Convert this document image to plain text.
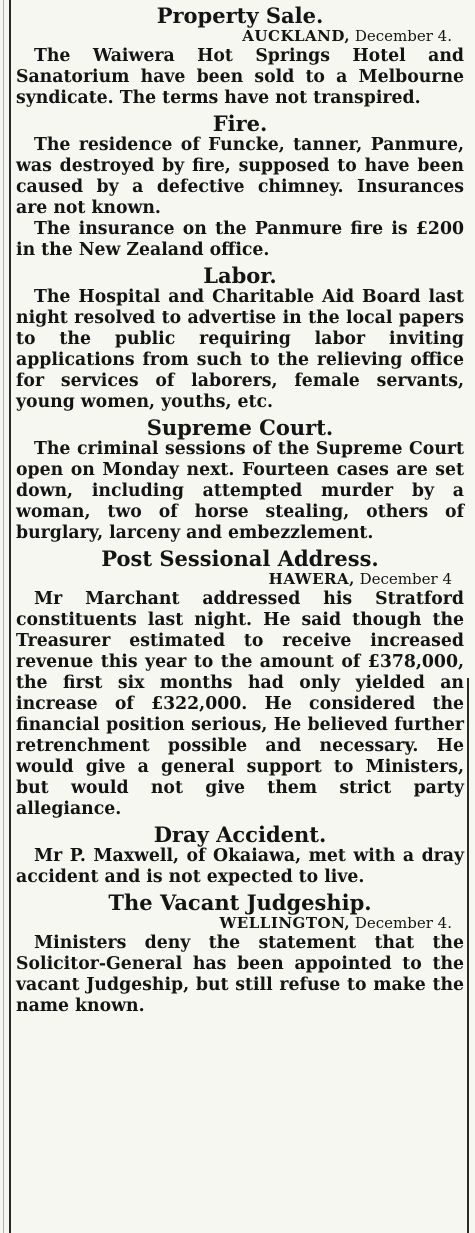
Property Sale.

AUCKLAND, December 4.

The Waiwera Hot Springs Hotel and Sanatorium have been sold to a Melbourne syndicate. The terms have not transpired.

Fire.

The residence of Funcke, tanner, Panmure, was destroyed by fire, supposed to have been caused by a defective chimney. Insurances are not known.

The insurance on the Panmure fire is £200 in the New Zealand office.

Labor.

The Hospital and Charitable Aid Board last night resolved to advertise in the local papers to the public requiring labor inviting applications from such to the relieving office for services of laborers, female servants, young women, youths, etc.

Supreme Court.

The criminal sessions of the Supreme Court open on Monday next. Fourteen cases are set down, including attempted murder by a woman, two of horse stealing, others of burglary, larceny and embezzlement.

Post Sessional Address.

HAWERA, December 4

Mr Marchant addressed his Stratford constituents last night. He said though the Treasurer estimated to receive increased revenue this year to the amount of £378,000, the first six months had only yielded an increase of £322,000. He considered the financial position serious, He believed further retrenchment possible and necessary. He would give a general support to Ministers, but would not give them strict party allegiance.

Dray Accident.

Mr P. Maxwell, of Okaiawa, met with a dray accident and is not expected to live.

The Vacant Judgeship.

WELLINGTON, December 4.

Ministers deny the statement that the Solicitor-General has been appointed to the vacant Judgeship, but still refuse to make the name known.
